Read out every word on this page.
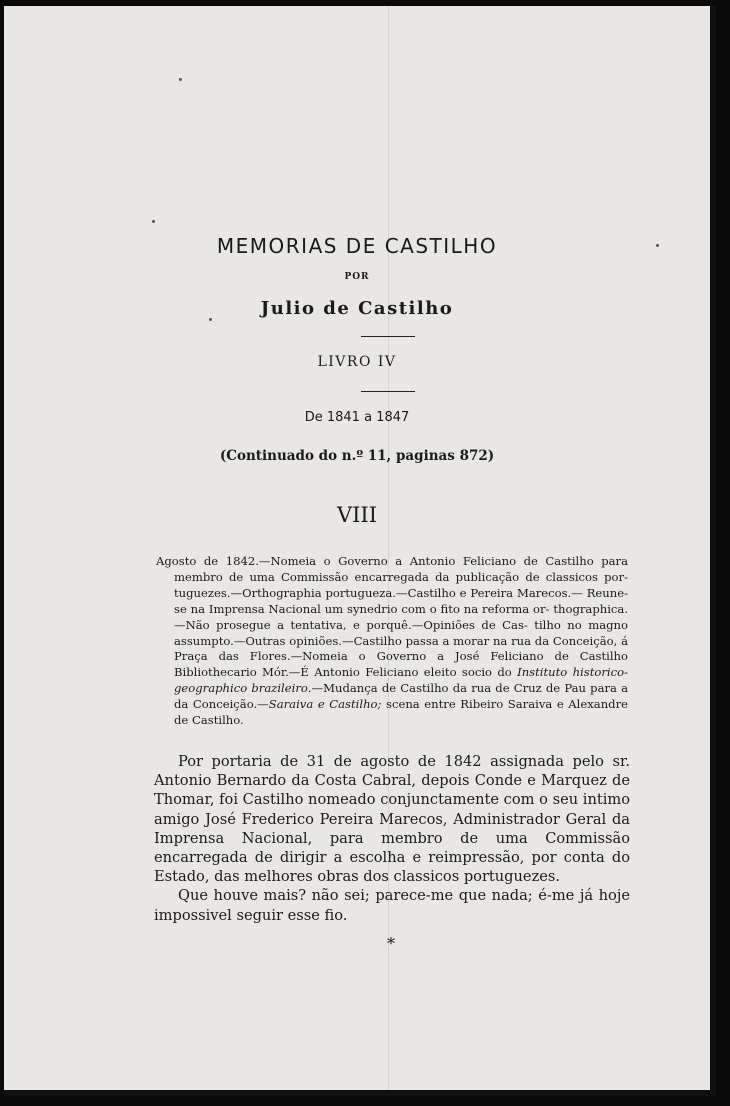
MEMORIAS DE CASTILHO
POR
Julio de Castilho
LIVRO IV
De 1841 a 1847
(Continuado do n.º 11, paginas 872)
VIII
Agosto de 1842.—Nomeia o Governo a Antonio Feliciano de Castilho para membro de uma Commissão encarregada da publicação de classicos por- tuguezes.—Orthographia portugueza.—Castilho e Pereira Marecos.— Reune-se na Imprensa Nacional um synedrio com o fito na reforma or- thographica.—Não prosegue a tentativa, e porquê.—Opiniões de Cas- tilho no magno assumpto.—Outras opiniões.—Castilho passa a morar na rua da Conceição, á Praça das Flores.—Nomeia o Governo a José Feliciano de Castilho Bibliothecario Mór.—É Antonio Feliciano eleito socio do Instituto historico-geographico brazileiro.—Mudança de Castilho da rua de Cruz de Pau para a da Conceição.—Saraiva e Castilho; scena entre Ribeiro Saraiva e Alexandre de Castilho.

Por portaria de 31 de agosto de 1842 assignada pelo sr. Antonio Bernardo da Costa Cabral, depois Conde e Marquez de Thomar, foi Castilho nomeado conjunctamente com o seu intimo amigo José Frederico Pereira Marecos, Administrador Geral da Imprensa Nacional, para membro de uma Commissão encarregada de dirigir a escolha e reimpressão, por conta do Estado, das melhores obras dos classicos portuguezes.

Que houve mais? não sei; parece-me que nada; é-me já hoje impossivel seguir esse fio.

*
